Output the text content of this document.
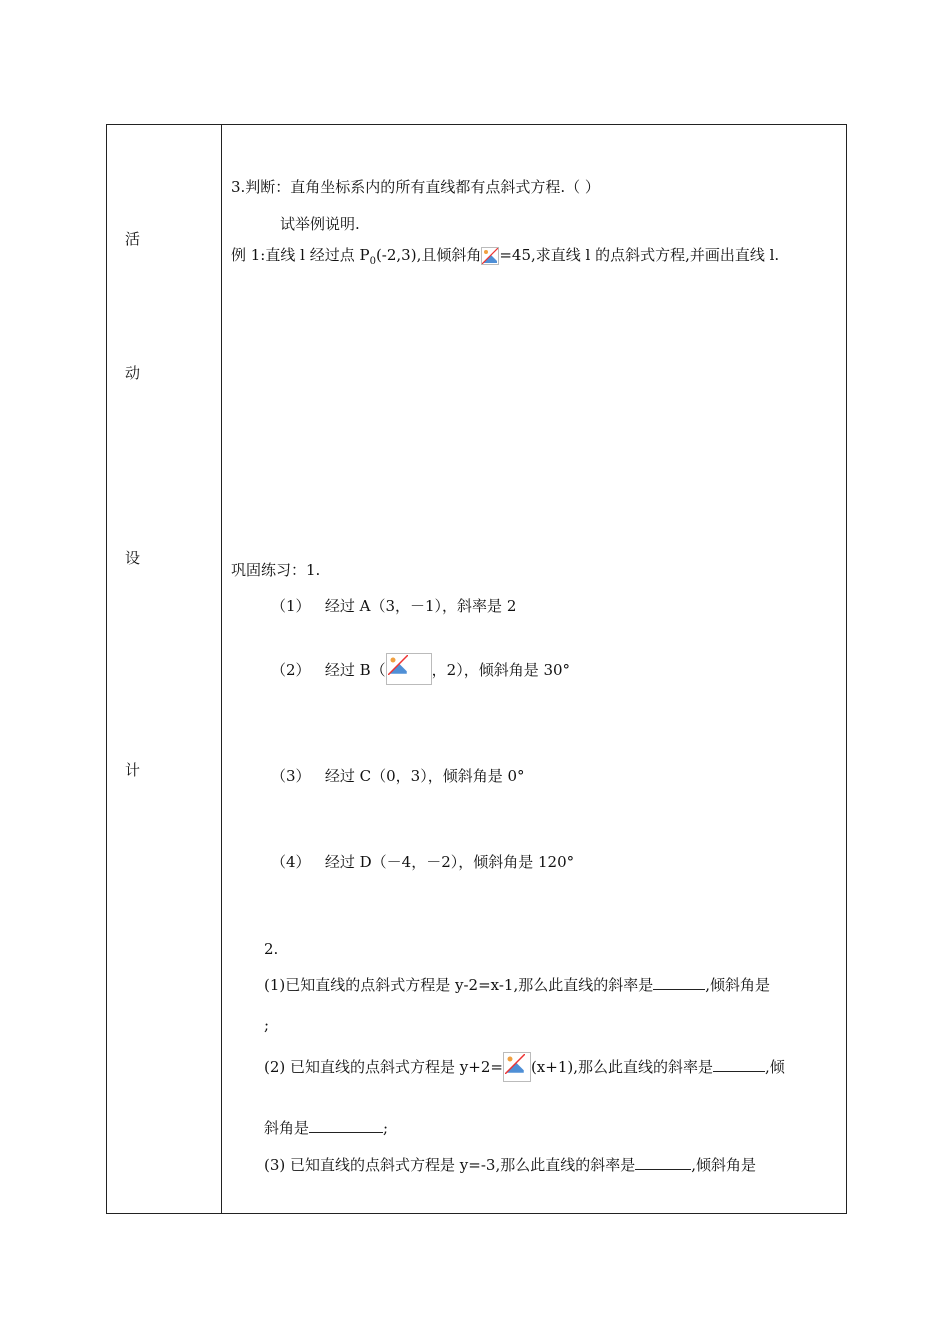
活
动
设
计
3.判断：直角坐标系内的所有直线都有点斜式方程.（ ）
试举例说明.
例 1:直线 l 经过点 $P_0(-2,3)$,且倾斜角 =45,求直线 l 的点斜式方程,并画出直线 l.
巩固练习：1.
（1） 经过 A（3，－1），斜率是 2
（2） 经过 B（	，2），倾斜角是 30°
（3） 经过 C（0，3），倾斜角是 0°
（4） 经过 D（－4，－2），倾斜角是 120°
2.
(1)已知直线的点斜式方程是 y-2=x-1,那么此直线的斜率是	,倾斜角是
;
(2) 已知直线的点斜式方程是 y+2= (x+1),那么此直线的斜率是	,倾
斜角是	;
(3) 已知直线的点斜式方程是 y=-3,那么此直线的斜率是	,倾斜角是
